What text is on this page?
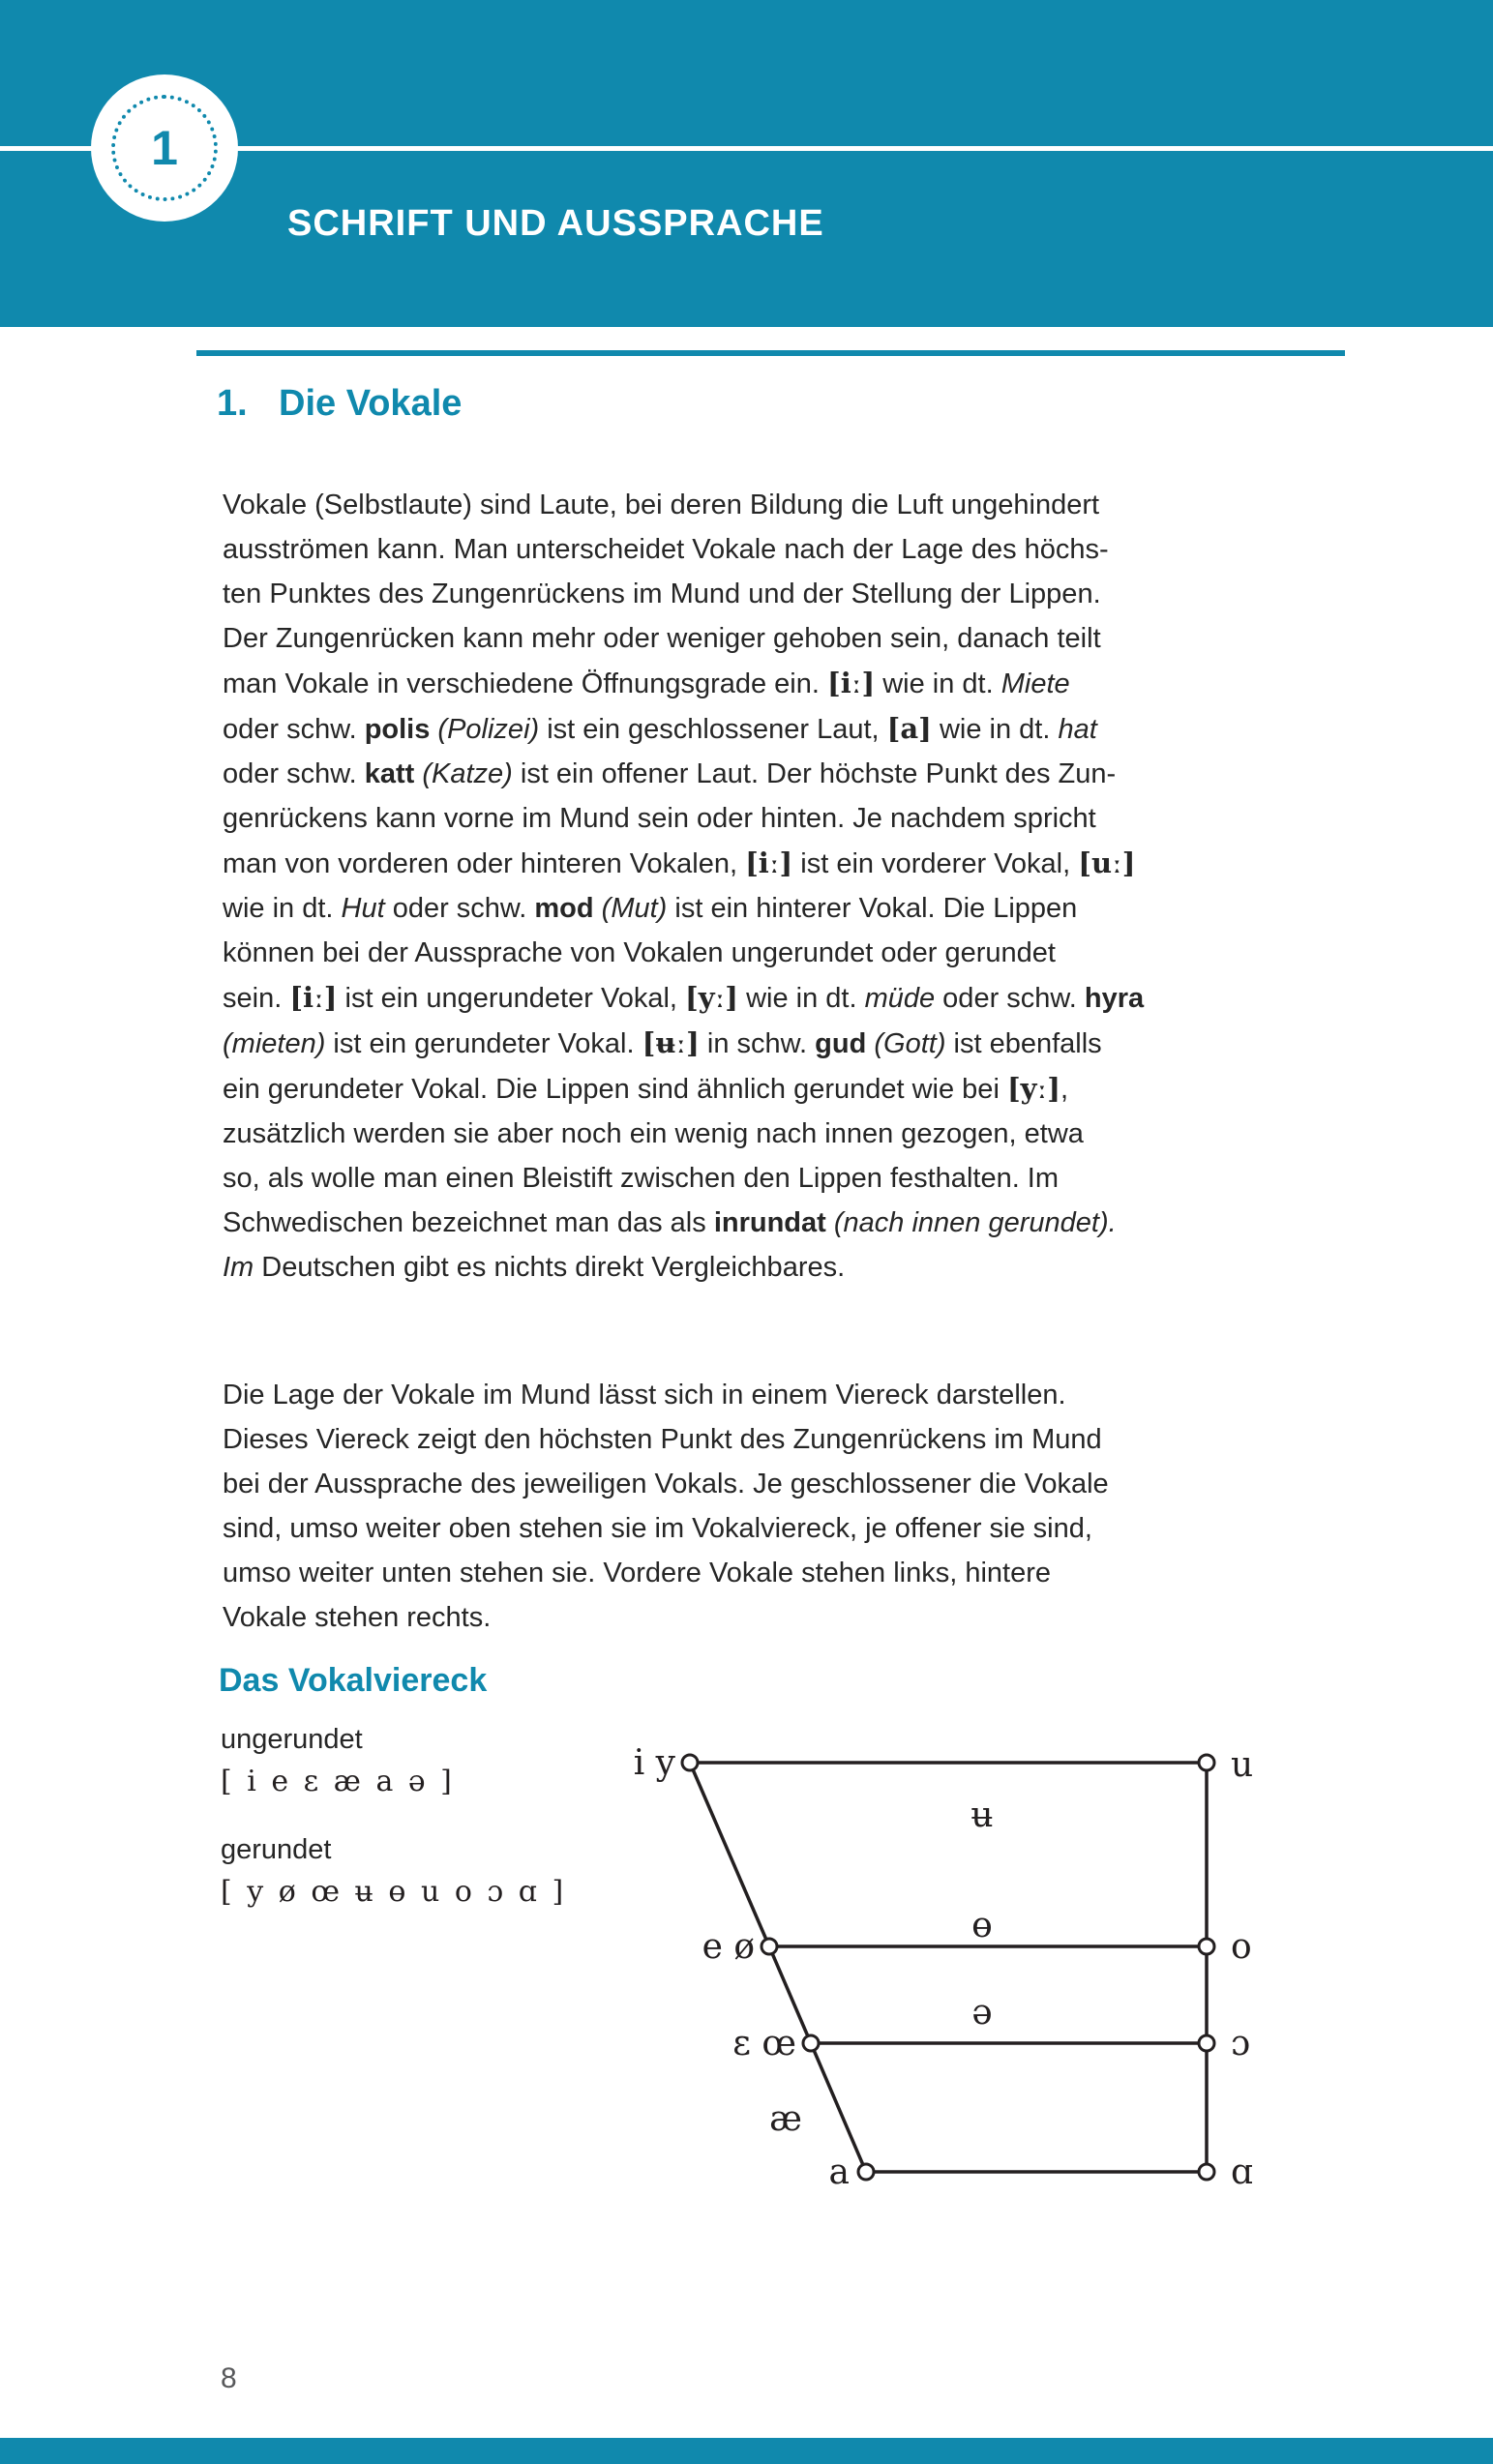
1
SCHRIFT UND AUSSPRACHE
1. Die Vokale

Vokale (Selbstlaute) sind Laute, bei deren Bildung die Luft ungehindert
ausströmen kann. Man unterscheidet Vokale nach der Lage des höchs-
ten Punktes des Zungenrückens im Mund und der Stellung der Lippen.
Der Zungenrücken kann mehr oder weniger gehoben sein, danach teilt
man Vokale in verschiedene Öffnungsgrade ein. [iː] wie in dt. Miete
oder schw. polis (Polizei) ist ein geschlossener Laut, [a] wie in dt. hat
oder schw. katt (Katze) ist ein offener Laut. Der höchste Punkt des Zun-
genrückens kann vorne im Mund sein oder hinten. Je nachdem spricht
man von vorderen oder hinteren Vokalen, [iː] ist ein vorderer Vokal, [uː]
wie in dt. Hut oder schw. mod (Mut) ist ein hinterer Vokal. Die Lippen
können bei der Aussprache von Vokalen ungerundet oder gerundet
sein. [iː] ist ein ungerundeter Vokal, [yː] wie in dt. müde oder schw. hyra
(mieten) ist ein gerundeter Vokal. [ʉː] in schw. gud (Gott) ist ebenfalls
ein gerundeter Vokal. Die Lippen sind ähnlich gerundet wie bei [yː],
zusätzlich werden sie aber noch ein wenig nach innen gezogen, etwa
so, als wolle man einen Bleistift zwischen den Lippen festhalten. Im
Schwedischen bezeichnet man das als inrundat (nach innen gerundet).
Im Deutschen gibt es nichts direkt Vergleichbares.

Die Lage der Vokale im Mund lässt sich in einem Viereck darstellen.
Dieses Viereck zeigt den höchsten Punkt des Zungenrückens im Mund
bei der Aussprache des jeweiligen Vokals. Je geschlossener die Vokale
sind, umso weiter oben stehen sie im Vokalviereck, je offener sie sind,
umso weiter unten stehen sie. Vordere Vokale stehen links, hintere
Vokale stehen rechts.

Das Vokalviereck
ungerundet
[ i e ɛ æ a ə ]
gerundet
[ y ø œ ʉ ɵ u o ɔ ɑ ]
i y	u
e ø	o
ɛ œ	ɔ
a	ɑ
ʉ
ɵ
ə
æ
8
